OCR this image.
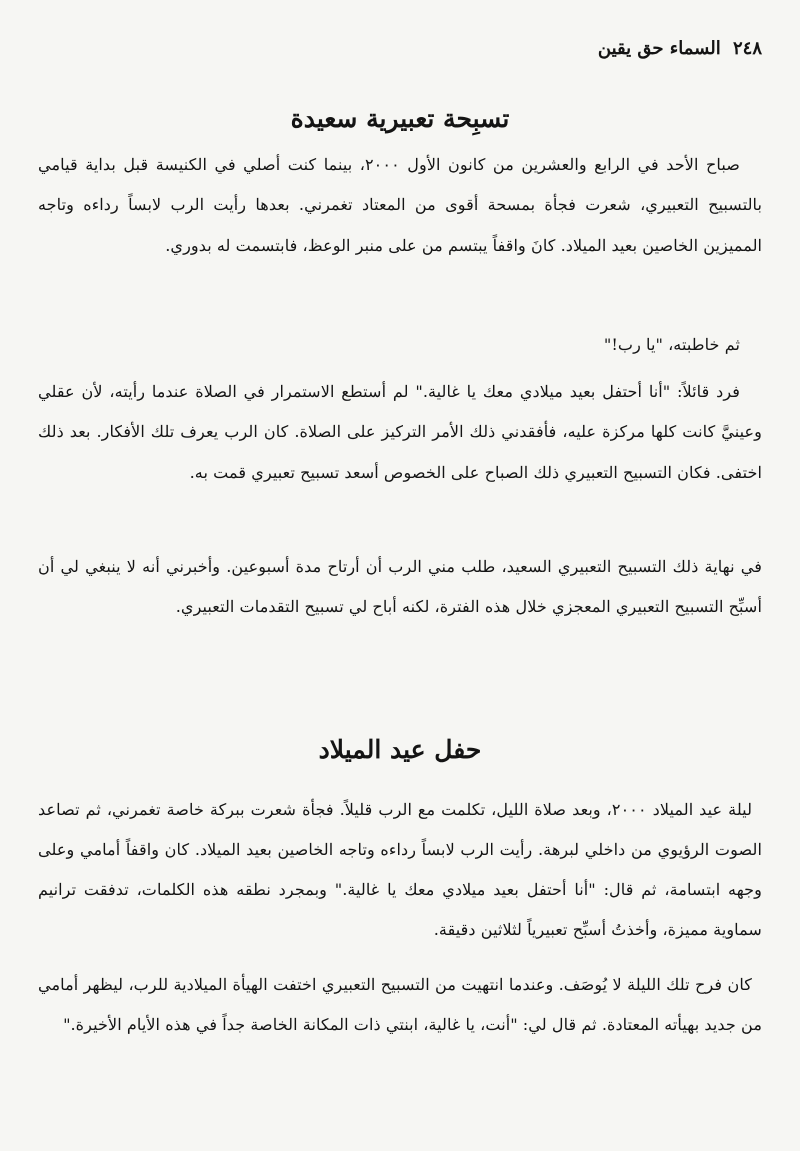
٢٤٨ السماء حق يقين
تسبِحة تعبيرية سعيدة

صباح الأحد في الرابع والعشرين من كانون الأول ٢٠٠٠، بينما كنت أصلي في الكنيسة قبل بداية قيامي بالتسبيح التعبيري، شعرت فجأة بمسحة أقوى من المعتاد تغمرني. بعدها رأيت الرب لابساً رداءه وتاجه المميزين الخاصين بعيد الميلاد. كانَ واقفاً يبتسم من على منبر الوعظ، فابتسمت له بدوري.

ثم خاطبته، "يا رب!"

فرد قائلاً: "أنا أحتفل بعيد ميلادي معك يا غالية." لم أستطع الاستمرار في الصلاة عندما رأيته، لأن عقلي وعينيَّ كانت كلها مركزة عليه، فأفقدني ذلك الأمر التركيز على الصلاة. كان الرب يعرف تلك الأفكار. بعد ذلك اختفى. فكان التسبيح التعبيري ذلك الصباح على الخصوص أسعد تسبيح تعبيري قمت به.

في نهاية ذلك التسبيح التعبيري السعيد، طلب مني الرب أن أرتاح مدة أسبوعين. وأخبرني أنه لا ينبغي لي أن أسبِّح التسبيح التعبيري المعجزي خلال هذه الفترة، لكنه أباح لي تسبيح التقدمات التعبيري.

حفل عيد الميلاد

ليلة عيد الميلاد ٢٠٠٠، وبعد صلاة الليل، تكلمت مع الرب قليلاً. فجأة شعرت ببركة خاصة تغمرني، ثم تصاعد الصوت الرؤيوي من داخلي لبرهة. رأيت الرب لابساً رداءه وتاجه الخاصين بعيد الميلاد. كان واقفاً أمامي وعلى وجهه ابتسامة، ثم قال: "أنا أحتفل بعيد ميلادي معك يا غالية." وبمجرد نطقه هذه الكلمات، تدفقت ترانيم سماوية مميزة، وأخذتُ أسبِّح تعبيرياً لثلاثين دقيقة.

كان فرح تلك الليلة لا يُوصَف. وعندما انتهيت من التسبيح التعبيري اختفت الهيأة الميلادية للرب، ليظهر أمامي من جديد بهيأته المعتادة. ثم قال لي: "أنت، يا غالية، ابنتي ذات المكانة الخاصة جداً في هذه الأيام الأخيرة."
